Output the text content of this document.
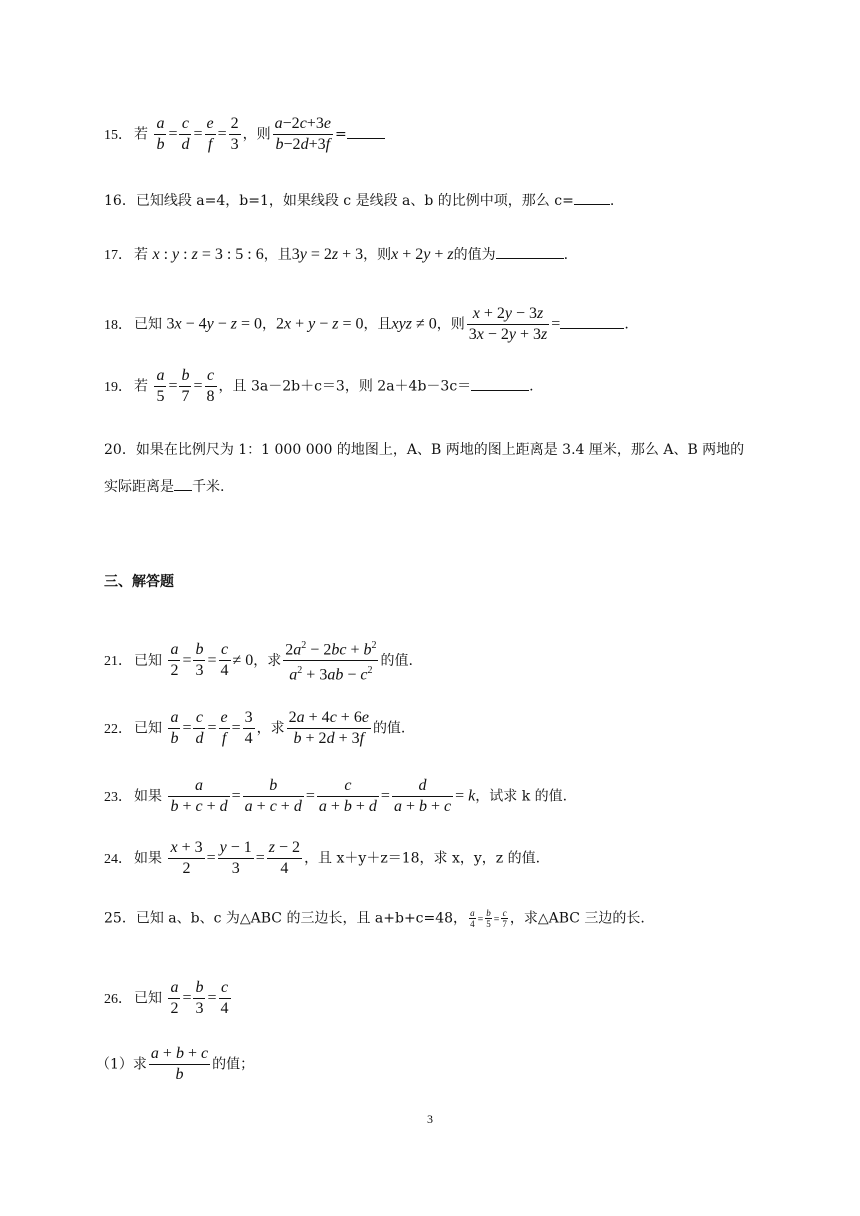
15． 若 $\frac{a}{b} = \frac{c}{d} = \frac{e}{f} = \frac{2}{3}$ ，则 $\frac{a-2c+3e}{b-2d+3f}$ =
16．已知线段 a=4，b=1，如果线段 c 是线段 a、b 的比例中项，那么 c=	.
17． 若 x : y : z = 3 : 5 : 6，且3y = 2z + 3，则x + 2y + z的值为	.
18． 已知 3x − 4y − z = 0，2x + y − z = 0，且xyz ≠ 0，则 $\frac{x + 2y - 3z}{3x - 2y + 3z}$ =	.
19． 若 $\frac{a}{5} = \frac{b}{7} = \frac{c}{8}$ ，且 3a－2b＋c＝3，则 2a＋4b－3c＝	.
20．如果在比例尺为 1：1 000 000 的地图上，A、B 两地的图上距离是 3.4 厘米，那么 A、B 两地的
实际距离是 千米.
三、解答题
21． 已知 $\frac{a}{2} = \frac{b}{3} = \frac{c}{4} \ne 0$，求 $\frac{2a^2 - 2bc + b^2}{a^2 + 3ab - c^2}$ 的值.
22． 已知 $\frac{a}{b} = \frac{c}{d} = \frac{e}{f} = \frac{3}{4}$ ，求 $\frac{2a + 4c + 6e}{b + 2d + 3f}$ 的值.
23． 如果 $\frac{a}{b + c + d} = \frac{b}{a + c + d} = \frac{c}{a + b + d} = \frac{d}{a + b + c} = k$，试求 k 的值.
24． 如果 $\frac{x + 3}{2} = \frac{y - 1}{3} = \frac{z - 2}{4}$ ，且 x＋y＋z＝18，求 x，y，z 的值.
25．已知 a、b、c 为△ABC 的三边长，且 a+b+c=48， $\frac{a}{4} = \frac{b}{5} = \frac{c}{7}$ ，求△ABC 三边的长.
26． 已知 $\frac{a}{2} = \frac{b}{3} = \frac{c}{4}$
（1）求 $\frac{a + b + c}{b}$ 的值；
3
